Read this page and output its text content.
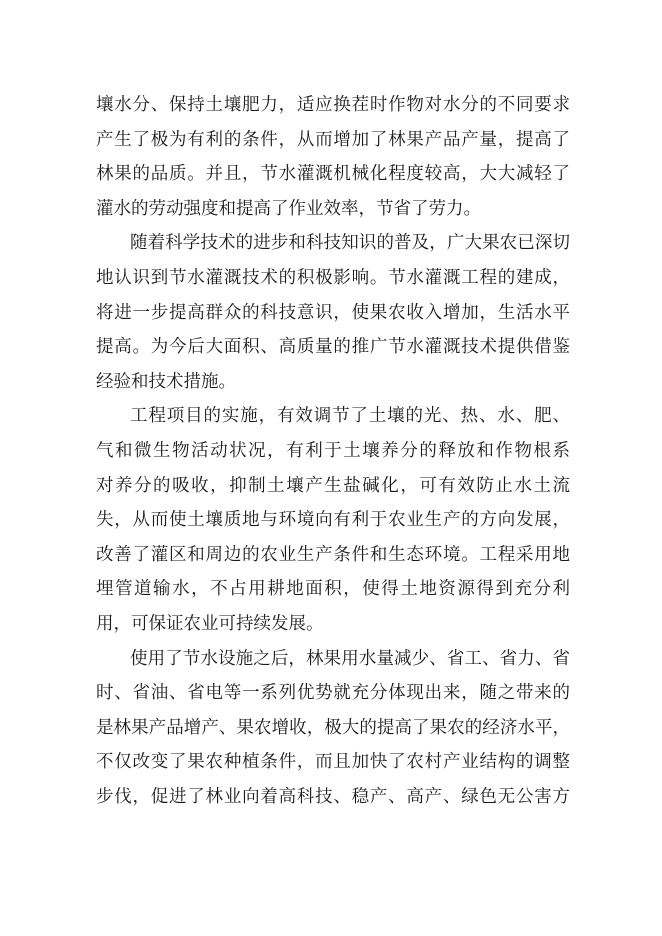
壤水分、保持土壤肥力，适应换茬时作物对水分的不同要求
产生了极为有利的条件，从而增加了林果产品产量，提高了
林果的品质。并且，节水灌溉机械化程度较高，大大减轻了
灌水的劳动强度和提高了作业效率，节省了劳力。
随着科学技术的进步和科技知识的普及，广大果农已深切
地认识到节水灌溉技术的积极影响。节水灌溉工程的建成，
将进一步提高群众的科技意识，使果农收入增加，生活水平
提高。为今后大面积、高质量的推广节水灌溉技术提供借鉴
经验和技术措施。
工程项目的实施，有效调节了土壤的光、热、水、肥、
气和微生物活动状况，有利于土壤养分的释放和作物根系
对养分的吸收，抑制土壤产生盐碱化，可有效防止水土流
失，从而使土壤质地与环境向有利于农业生产的方向发展，
改善了灌区和周边的农业生产条件和生态环境。工程采用地
埋管道输水，不占用耕地面积，使得土地资源得到充分利
用，可保证农业可持续发展。
使用了节水设施之后，林果用水量减少、省工、省力、省
时、省油、省电等一系列优势就充分体现出来，随之带来的
是林果产品增产、果农增收，极大的提高了果农的经济水平，
不仅改变了果农种植条件，而且加快了农村产业结构的调整
步伐，促进了林业向着高科技、稳产、高产、绿色无公害方
